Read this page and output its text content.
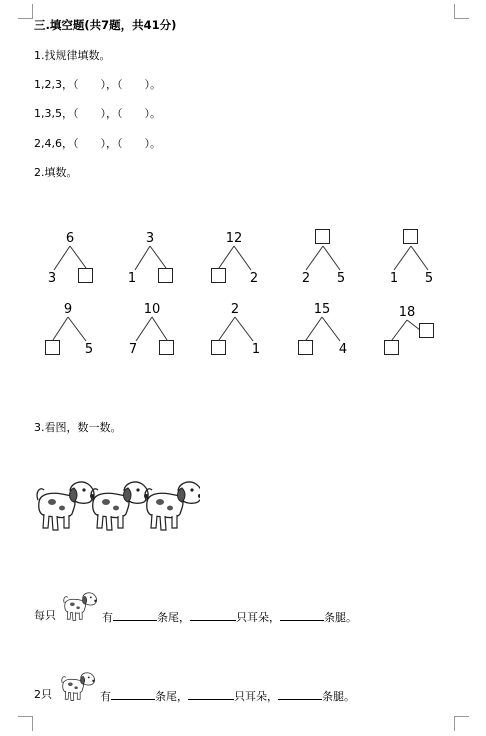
三.填空题(共7题，共41分)
1.找规律填数。
1,2,3，（　　），（　　）。
1,3,5，（　　），（　　）。
2,4,6，（　　），（　　）。
2.填数。
6
3
3
1
12
2	2	5	1	5
9
5
10
7
2
1
15
4
18
3.看图，数一数。
每只	有	条尾，	只耳朵，	条腿。
2只	有	条尾，	只耳朵，	条腿。
